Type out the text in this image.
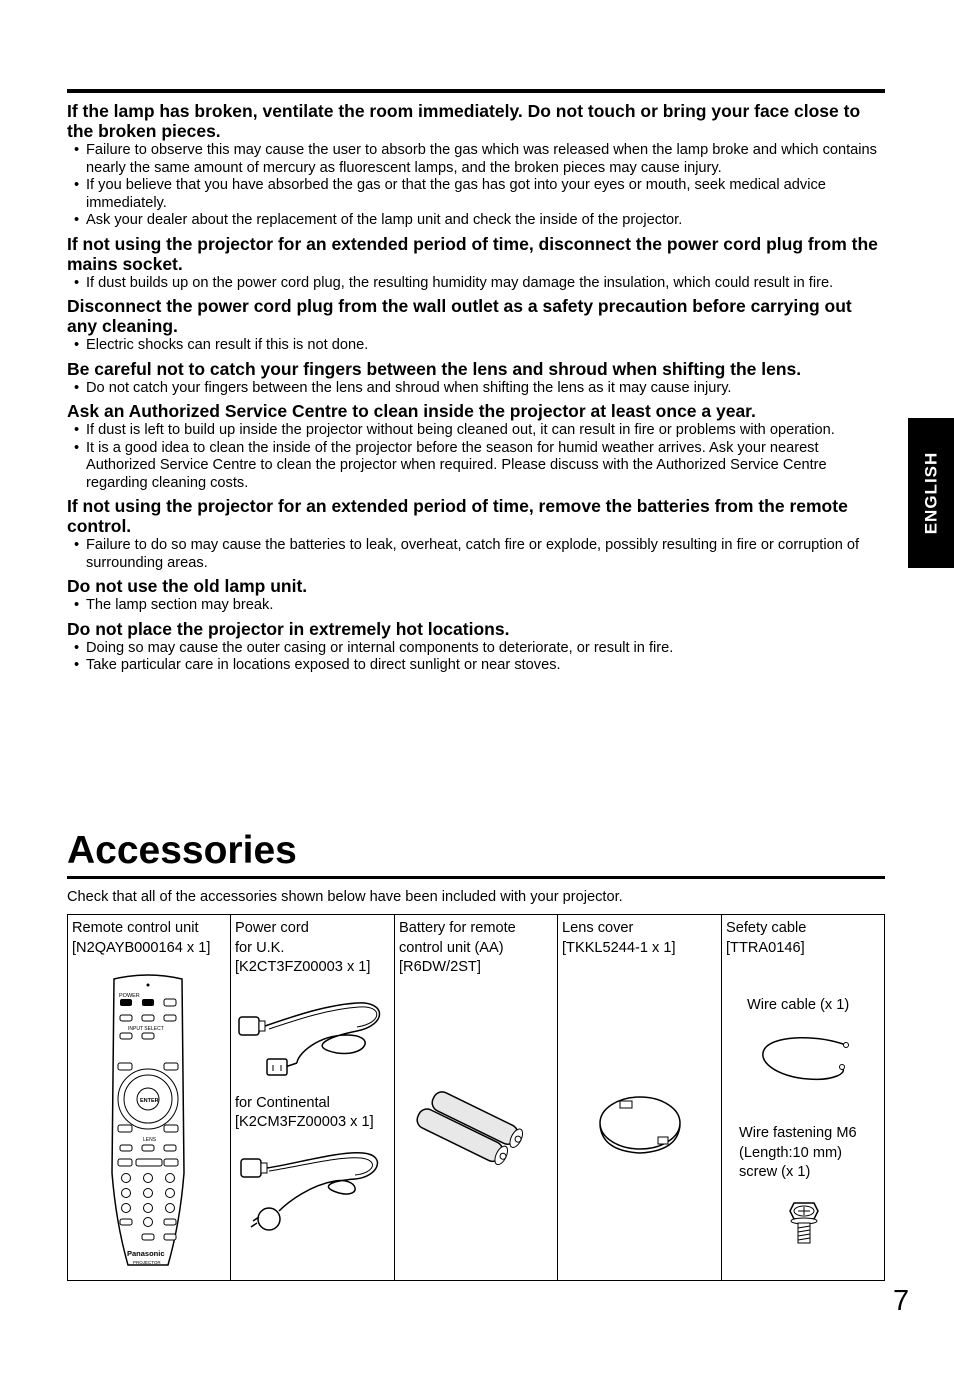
If the lamp has broken, ventilate the room immediately. Do not touch or bring your face close to the broken pieces.
• Failure to observe this may cause the user to absorb the gas which was released when the lamp broke and which contains nearly the same amount of mercury as fluorescent lamps, and the broken pieces may cause injury.
• If you believe that you have absorbed the gas or that the gas has got into your eyes or mouth, seek medical advice immediately.
• Ask your dealer about the replacement of the lamp unit and check the inside of the projector.
If not using the projector for an extended period of time, disconnect the power cord plug from the mains socket.
• If dust builds up on the power cord plug, the resulting humidity may damage the insulation, which could result in fire.
Disconnect the power cord plug from the wall outlet as a safety precaution before carrying out any cleaning.
• Electric shocks can result if this is not done.
Be careful not to catch your fingers between the lens and shroud when shifting the lens.
• Do not catch your fingers between the lens and shroud when shifting the lens as it may cause injury.
Ask an Authorized Service Centre to clean inside the projector at least once a year.
• If dust is left to build up inside the projector without being cleaned out, it can result in fire or problems with operation.
• It is a good idea to clean the inside of the projector before the season for humid weather arrives. Ask your nearest Authorized Service Centre to clean the projector when required. Please discuss with the Authorized Service Centre regarding cleaning costs.
If not using the projector for an extended period of time, remove the batteries from the remote control.
• Failure to do so may cause the batteries to leak, overheat, catch fire or explode, possibly resulting in fire or corruption of surrounding areas.
Do not use the old lamp unit.
• The lamp section may break.
Do not place the projector in extremely hot locations.
• Doing so may cause the outer casing or internal components to deteriorate, or result in fire.
• Take particular care in locations exposed to direct sunlight or near stoves.
ENGLISH
Accessories
Check that all of the accessories shown below have been included with your projector.
Remote control unit
[N2QAYB000164 x 1]
POWER
INPUT SELECT
ENTER
LENS
Panasonic
PROJECTOR
Power cord
for U.K.
[K2CT3FZ00003 x 1]
for Continental
[K2CM3FZ00003 x 1]
Battery for remote
control unit (AA)
[R6DW/2ST]
Lens cover
[TKKL5244-1 x 1]
Sefety cable
[TTRA0146]
Wire cable (x 1)
Wire fastening M6
(Length:10 mm)
screw (x 1)
7
